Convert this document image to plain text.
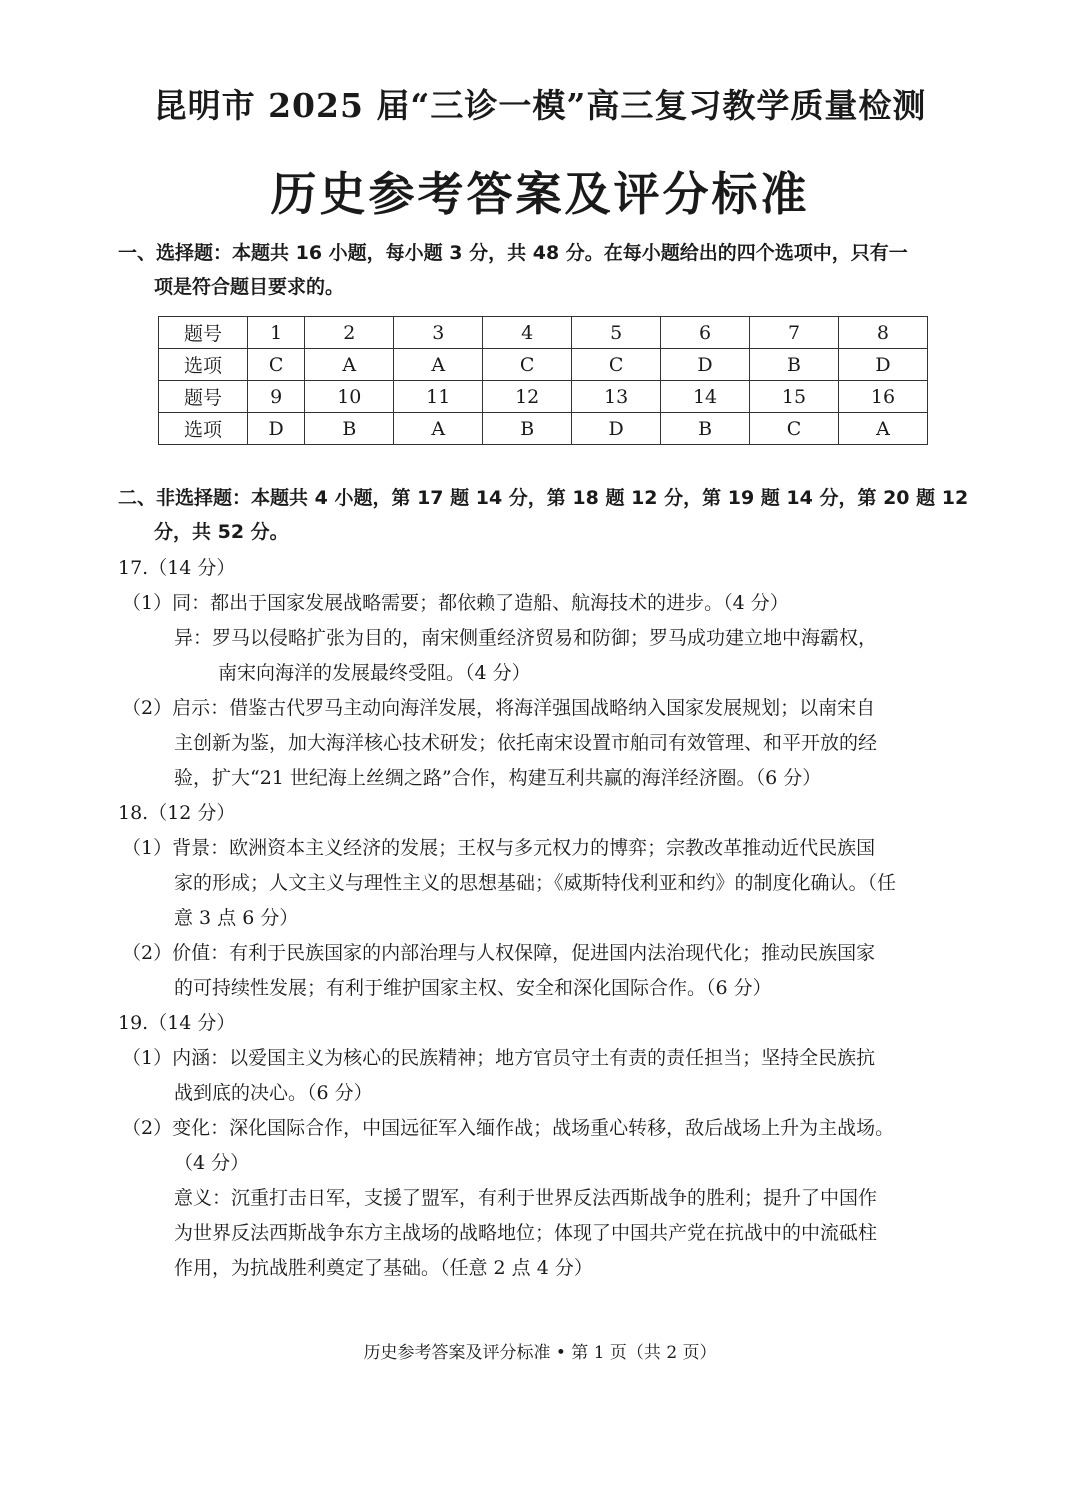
昆明市 2025 届“三诊一模”高三复习教学质量检测
历史参考答案及评分标准
一、选择题：本题共 16 小题，每小题 3 分，共 48 分。在每小题给出的四个选项中，只有一
项是符合题目要求的。
题号	1	2	3	4	5	6	7	8
选项	C	A	A	C	C	D	B	D
题号	9	10	11	12	13	14	15	16
选项	D	B	A	B	D	B	C	A
二、非选择题：本题共 4 小题，第 17 题 14 分，第 18 题 12 分，第 19 题 14 分，第 20 题 12
分，共 52 分。
17.（14 分）
（1）同：都出于国家发展战略需要；都依赖了造船、航海技术的进步。（4 分）
异：罗马以侵略扩张为目的，南宋侧重经济贸易和防御；罗马成功建立地中海霸权，
南宋向海洋的发展最终受阻。（4 分）
（2）启示：借鉴古代罗马主动向海洋发展，将海洋强国战略纳入国家发展规划；以南宋自
主创新为鉴，加大海洋核心技术研发；依托南宋设置市舶司有效管理、和平开放的经
验，扩大“21 世纪海上丝绸之路”合作，构建互利共赢的海洋经济圈。（6 分）
18.（12 分）
（1）背景：欧洲资本主义经济的发展；王权与多元权力的博弈；宗教改革推动近代民族国
家的形成；人文主义与理性主义的思想基础；《威斯特伐利亚和约》的制度化确认。（任
意 3 点 6 分）
（2）价值：有利于民族国家的内部治理与人权保障，促进国内法治现代化；推动民族国家
的可持续性发展；有利于维护国家主权、安全和深化国际合作。（6 分）
19.（14 分）
（1）内涵：以爱国主义为核心的民族精神；地方官员守土有责的责任担当；坚持全民族抗
战到底的决心。（6 分）
（2）变化：深化国际合作，中国远征军入缅作战；战场重心转移，敌后战场上升为主战场。
（4 分）
意义：沉重打击日军，支援了盟军，有利于世界反法西斯战争的胜利；提升了中国作
为世界反法西斯战争东方主战场的战略地位；体现了中国共产党在抗战中的中流砥柱
作用，为抗战胜利奠定了基础。（任意 2 点 4 分）
历史参考答案及评分标准 • 第 1 页（共 2 页）
